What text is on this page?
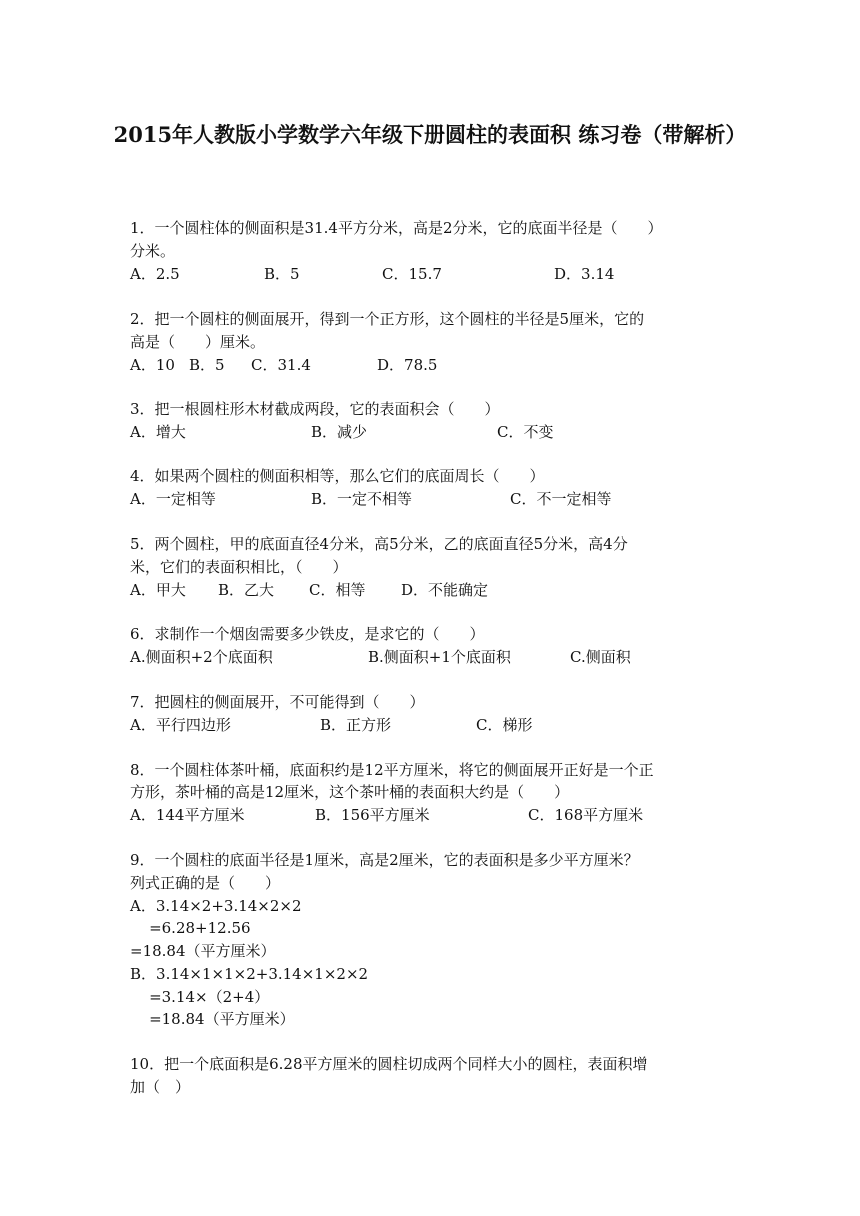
2015年人教版小学数学六年级下册圆柱的表面积 练习卷（带解析）
1．一个圆柱体的侧面积是31.4平方分米，高是2分米，它的底面半径是（　　）
分米。
A．2.5	B．5	C．15.7	D．3.14
2．把一个圆柱的侧面展开，得到一个正方形，这个圆柱的半径是5厘米，它的
高是（　　）厘米。
A．10 B．5 C．31.4	D．78.5
3．把一根圆柱形木材截成两段，它的表面积会（　　）
A．增大	B．减少	C．不变
4．如果两个圆柱的侧面积相等，那么它们的底面周长（　　）
A．一定相等	B．一定不相等	C．不一定相等
5．两个圆柱，甲的底面直径4分米，高5分米，乙的底面直径5分米，高4分
米，它们的表面积相比，（　　）
A．甲大 B．乙大 C．相等 D．不能确定
6．求制作一个烟囱需要多少铁皮，是求它的（　　）
A.侧面积+2个底面积	B.侧面积+1个底面积	C.侧面积
7．把圆柱的侧面展开，不可能得到（　　）
A．平行四边形	B．正方形	C．梯形
8．一个圆柱体茶叶桶，底面积约是12平方厘米，将它的侧面展开正好是一个正
方形，茶叶桶的高是12厘米，这个茶叶桶的表面积大约是（　　）
A．144平方厘米	B．156平方厘米	C．168平方厘米
9．一个圆柱的底面半径是1厘米，高是2厘米，它的表面积是多少平方厘米？
列式正确的是（　　）
A．3.14×2+3.14×2×2
=6.28+12.56
=18.84（平方厘米）
B．3.14×1×1×2+3.14×1×2×2
=3.14×（2+4）
=18.84（平方厘米）
10．把一个底面积是6.28平方厘米的圆柱切成两个同样大小的圆柱，表面积增
加（　）
